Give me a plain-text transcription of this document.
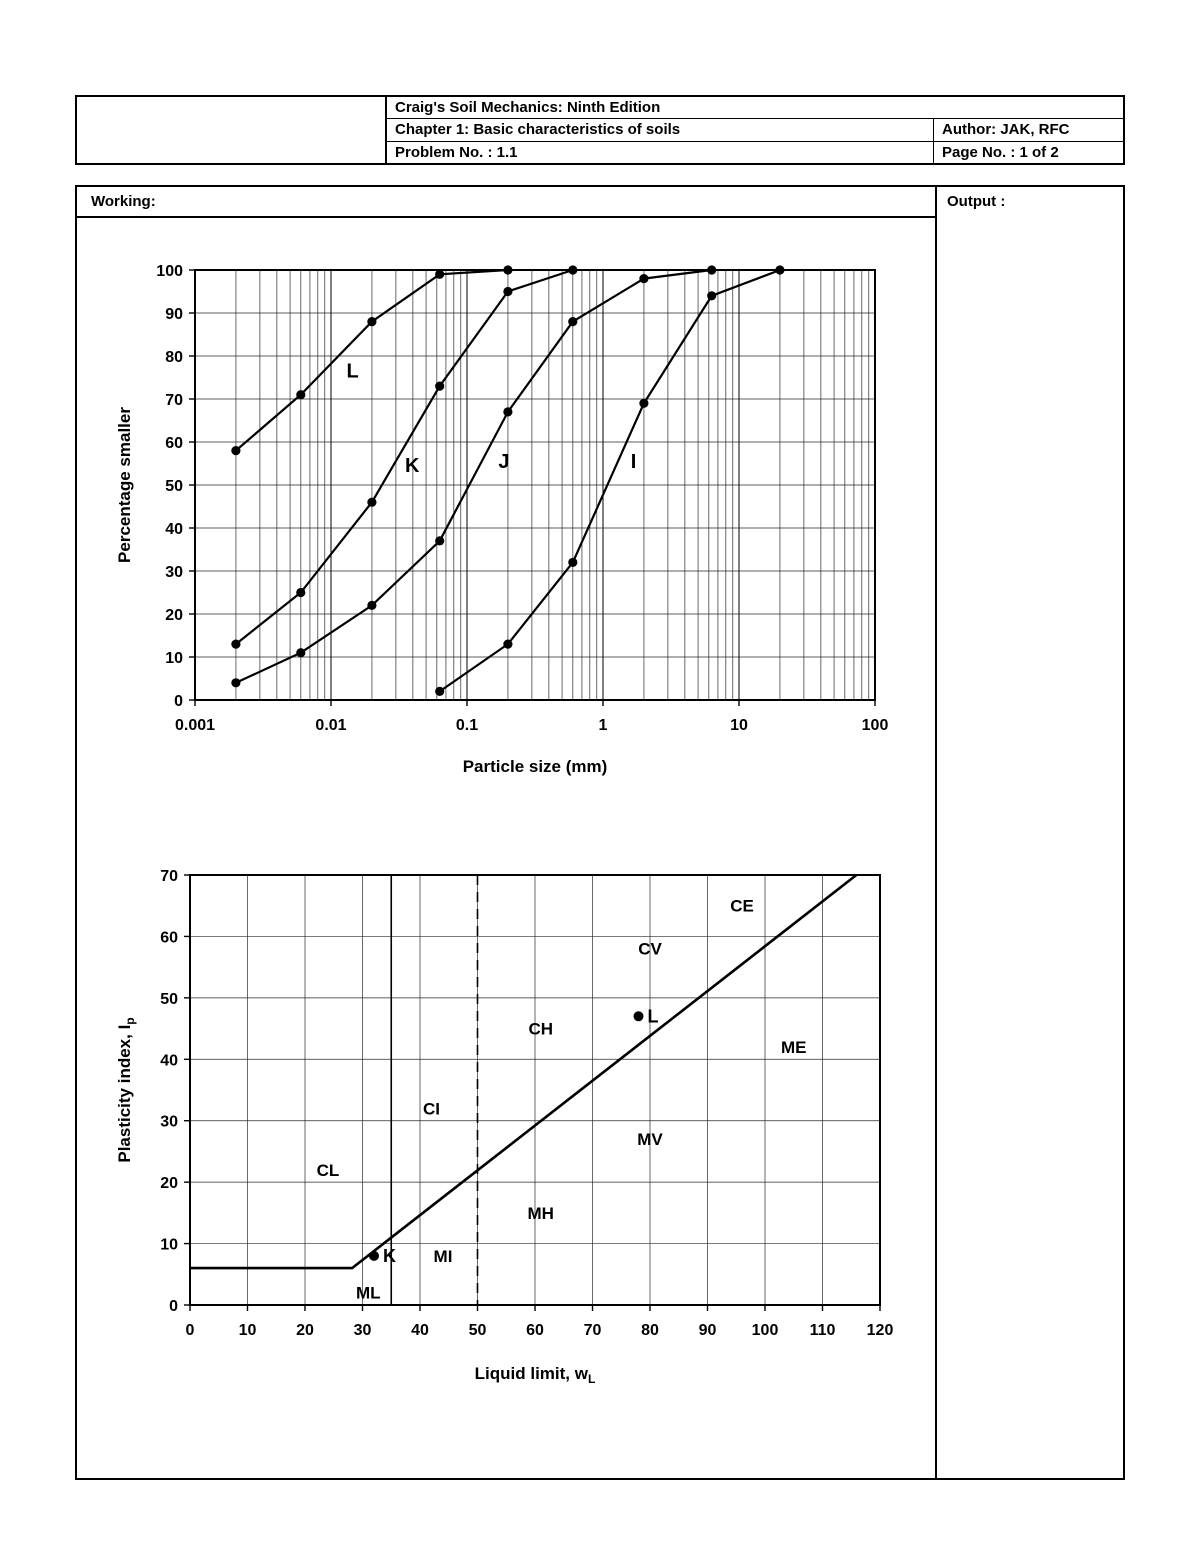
Craig's Soil Mechanics: Ninth Edition
Chapter 1: Basic characteristics of soils	Author: JAK, RFC
Problem No. : 1.1	Page No. : 1 of 2
Working:	Output :
0.001	0.01	0.1	1	10	100
0
10
20
30
40
50
60
70
80
90
100
L
K	J	I
Particle size (mm)
Percentage smaller
0	10 20 30 40 50 60 70 80 90 100 110 120
0
10
20
30
40
50
60
70
CL
CI
CH
CV
CE
ML
MI
MH
MV
ME
K
L
Liquid limit, $w_L$
Plasticity index, $I_p$
